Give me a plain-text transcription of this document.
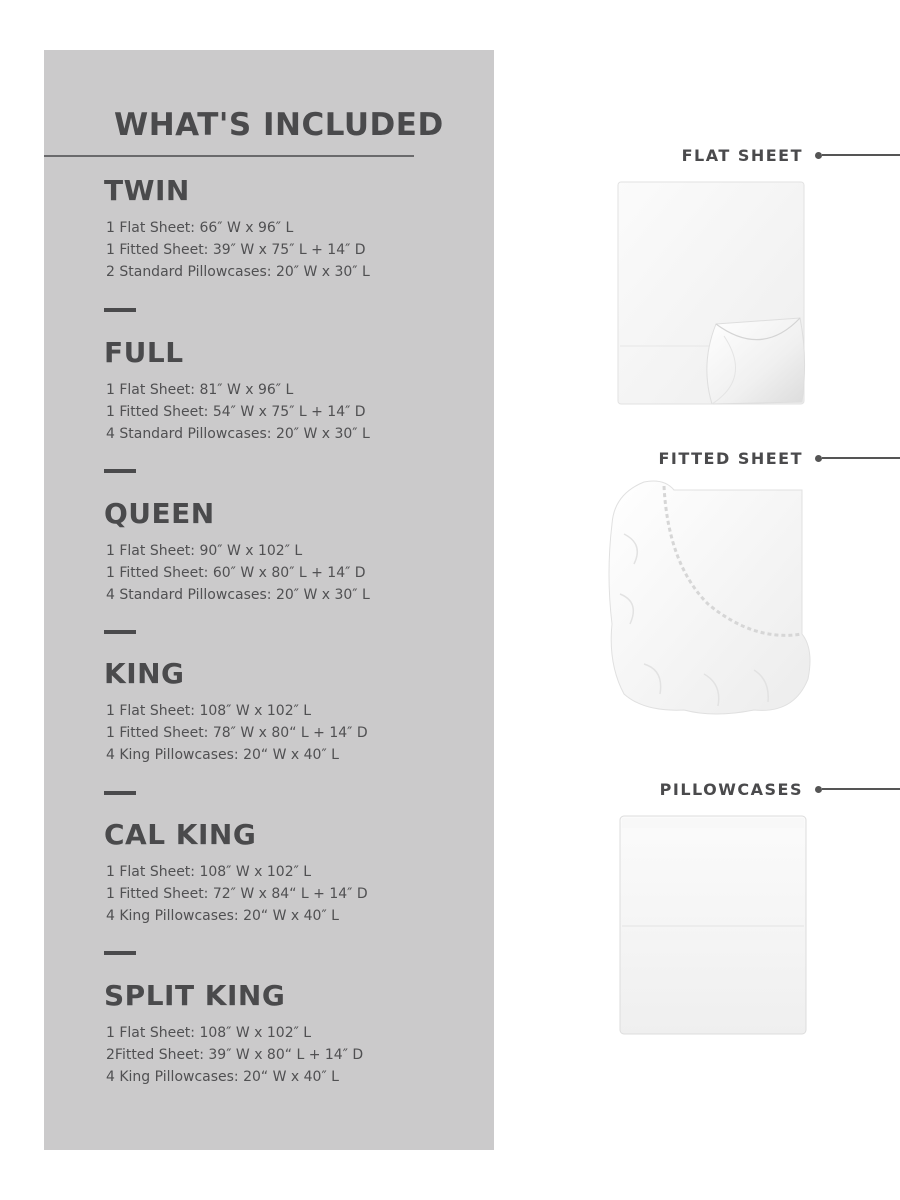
WHAT'S INCLUDED
TWIN

1 Flat Sheet: 66″ W x 96″ L

1 Fitted Sheet: 39″ W x 75″ L + 14″ D

2 Standard Pillowcases: 20″ W x 30″ L

FULL

1 Flat Sheet: 81″ W x 96″ L

1 Fitted Sheet: 54″ W x 75″ L + 14″ D

4 Standard Pillowcases: 20″ W x 30″ L

QUEEN

1 Flat Sheet: 90″ W x 102″ L

1 Fitted Sheet: 60″ W x 80″ L + 14″ D

4 Standard Pillowcases: 20″ W x 30″ L

KING

1 Flat Sheet: 108″ W x 102″ L

1 Fitted Sheet: 78″ W x 80“ L + 14″ D

4 King Pillowcases: 20“ W x 40″ L

CAL KING

1 Flat Sheet: 108″ W x 102″ L

1 Fitted Sheet: 72″ W x 84“ L + 14″ D

4 King Pillowcases: 20“ W x 40″ L

SPLIT KING

1 Flat Sheet: 108″ W x 102″ L

2Fitted Sheet: 39″ W x 80“ L + 14″ D

4 King Pillowcases: 20“ W x 40″ L

FLAT SHEET
FITTED SHEET
PILLOWCASES
